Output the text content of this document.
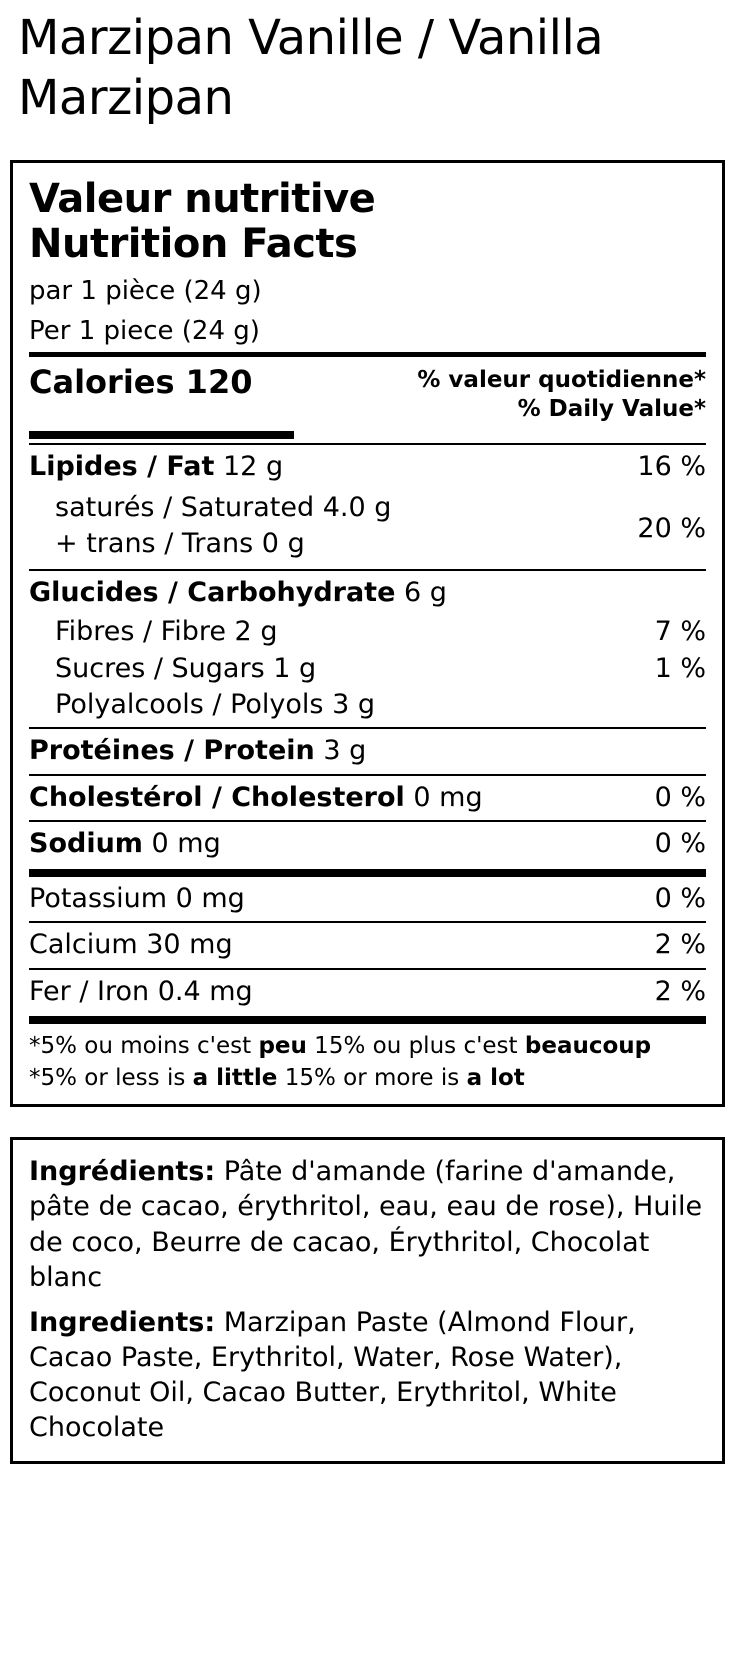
Marzipan Vanille / Vanilla Marzipan
Valeur nutritive
Nutrition Facts
par 1 pièce (24 g)
Per 1 piece (24 g)
Calories 120	% valeur quotidienne*
% Daily Value*
Lipides / Fat 12 g	16 %
saturés / Saturated 4.0 g
+ trans / Trans 0 g	20 %
Glucides / Carbohydrate 6 g
Fibres / Fibre 2 g	7 %
Sucres / Sugars 1 g	1 %
Polyalcools / Polyols 3 g
Protéines / Protein 3 g
Cholestérol / Cholesterol 0 mg	0 %
Sodium 0 mg	0 %
Potassium 0 mg	0 %
Calcium 30 mg	2 %
Fer / Iron 0.4 mg	2 %
*5% ou moins c'est peu 15% ou plus c'est beaucoup
*5% or less is a little 15% or more is a lot
Ingrédients: Pâte d'amande (farine d'amande, pâte de cacao, érythritol, eau, eau de rose), Huile de coco, Beurre de cacao, Érythritol, Chocolat blanc
Ingredients: Marzipan Paste (Almond Flour, Cacao Paste, Erythritol, Water, Rose Water), Coconut Oil, Cacao Butter, Erythritol, White Chocolate
